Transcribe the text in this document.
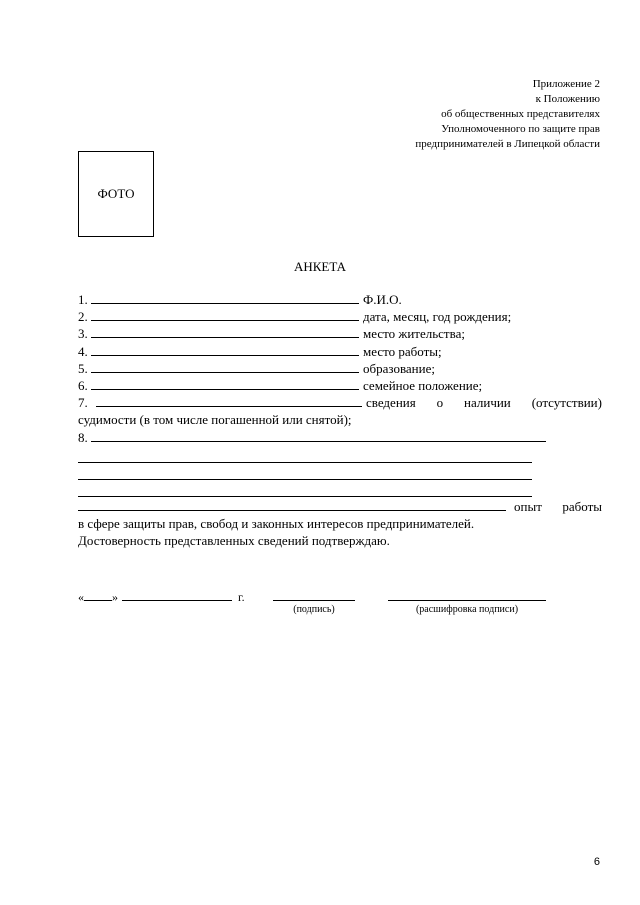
Приложение 2
к Положению
об общественных представителях
Уполномоченного по защите прав
предпринимателей в Липецкой области
ФОТО
АНКЕТА
1.	Ф.И.О.
2.	дата, месяц, год рождения;
3.	место жительства;
4.	место работы;
5.	образование;
6.	семейное положение;
7.	сведения о наличии (отсутствии)
судимости (в том числе погашенной или снятой);
8.
опыт работы
в сфере защиты прав, свобод и законных интересов предпринимателей.
Достоверность представленных сведений подтверждаю.
« »	г.
(подпись)	(расшифровка подписи)
6
